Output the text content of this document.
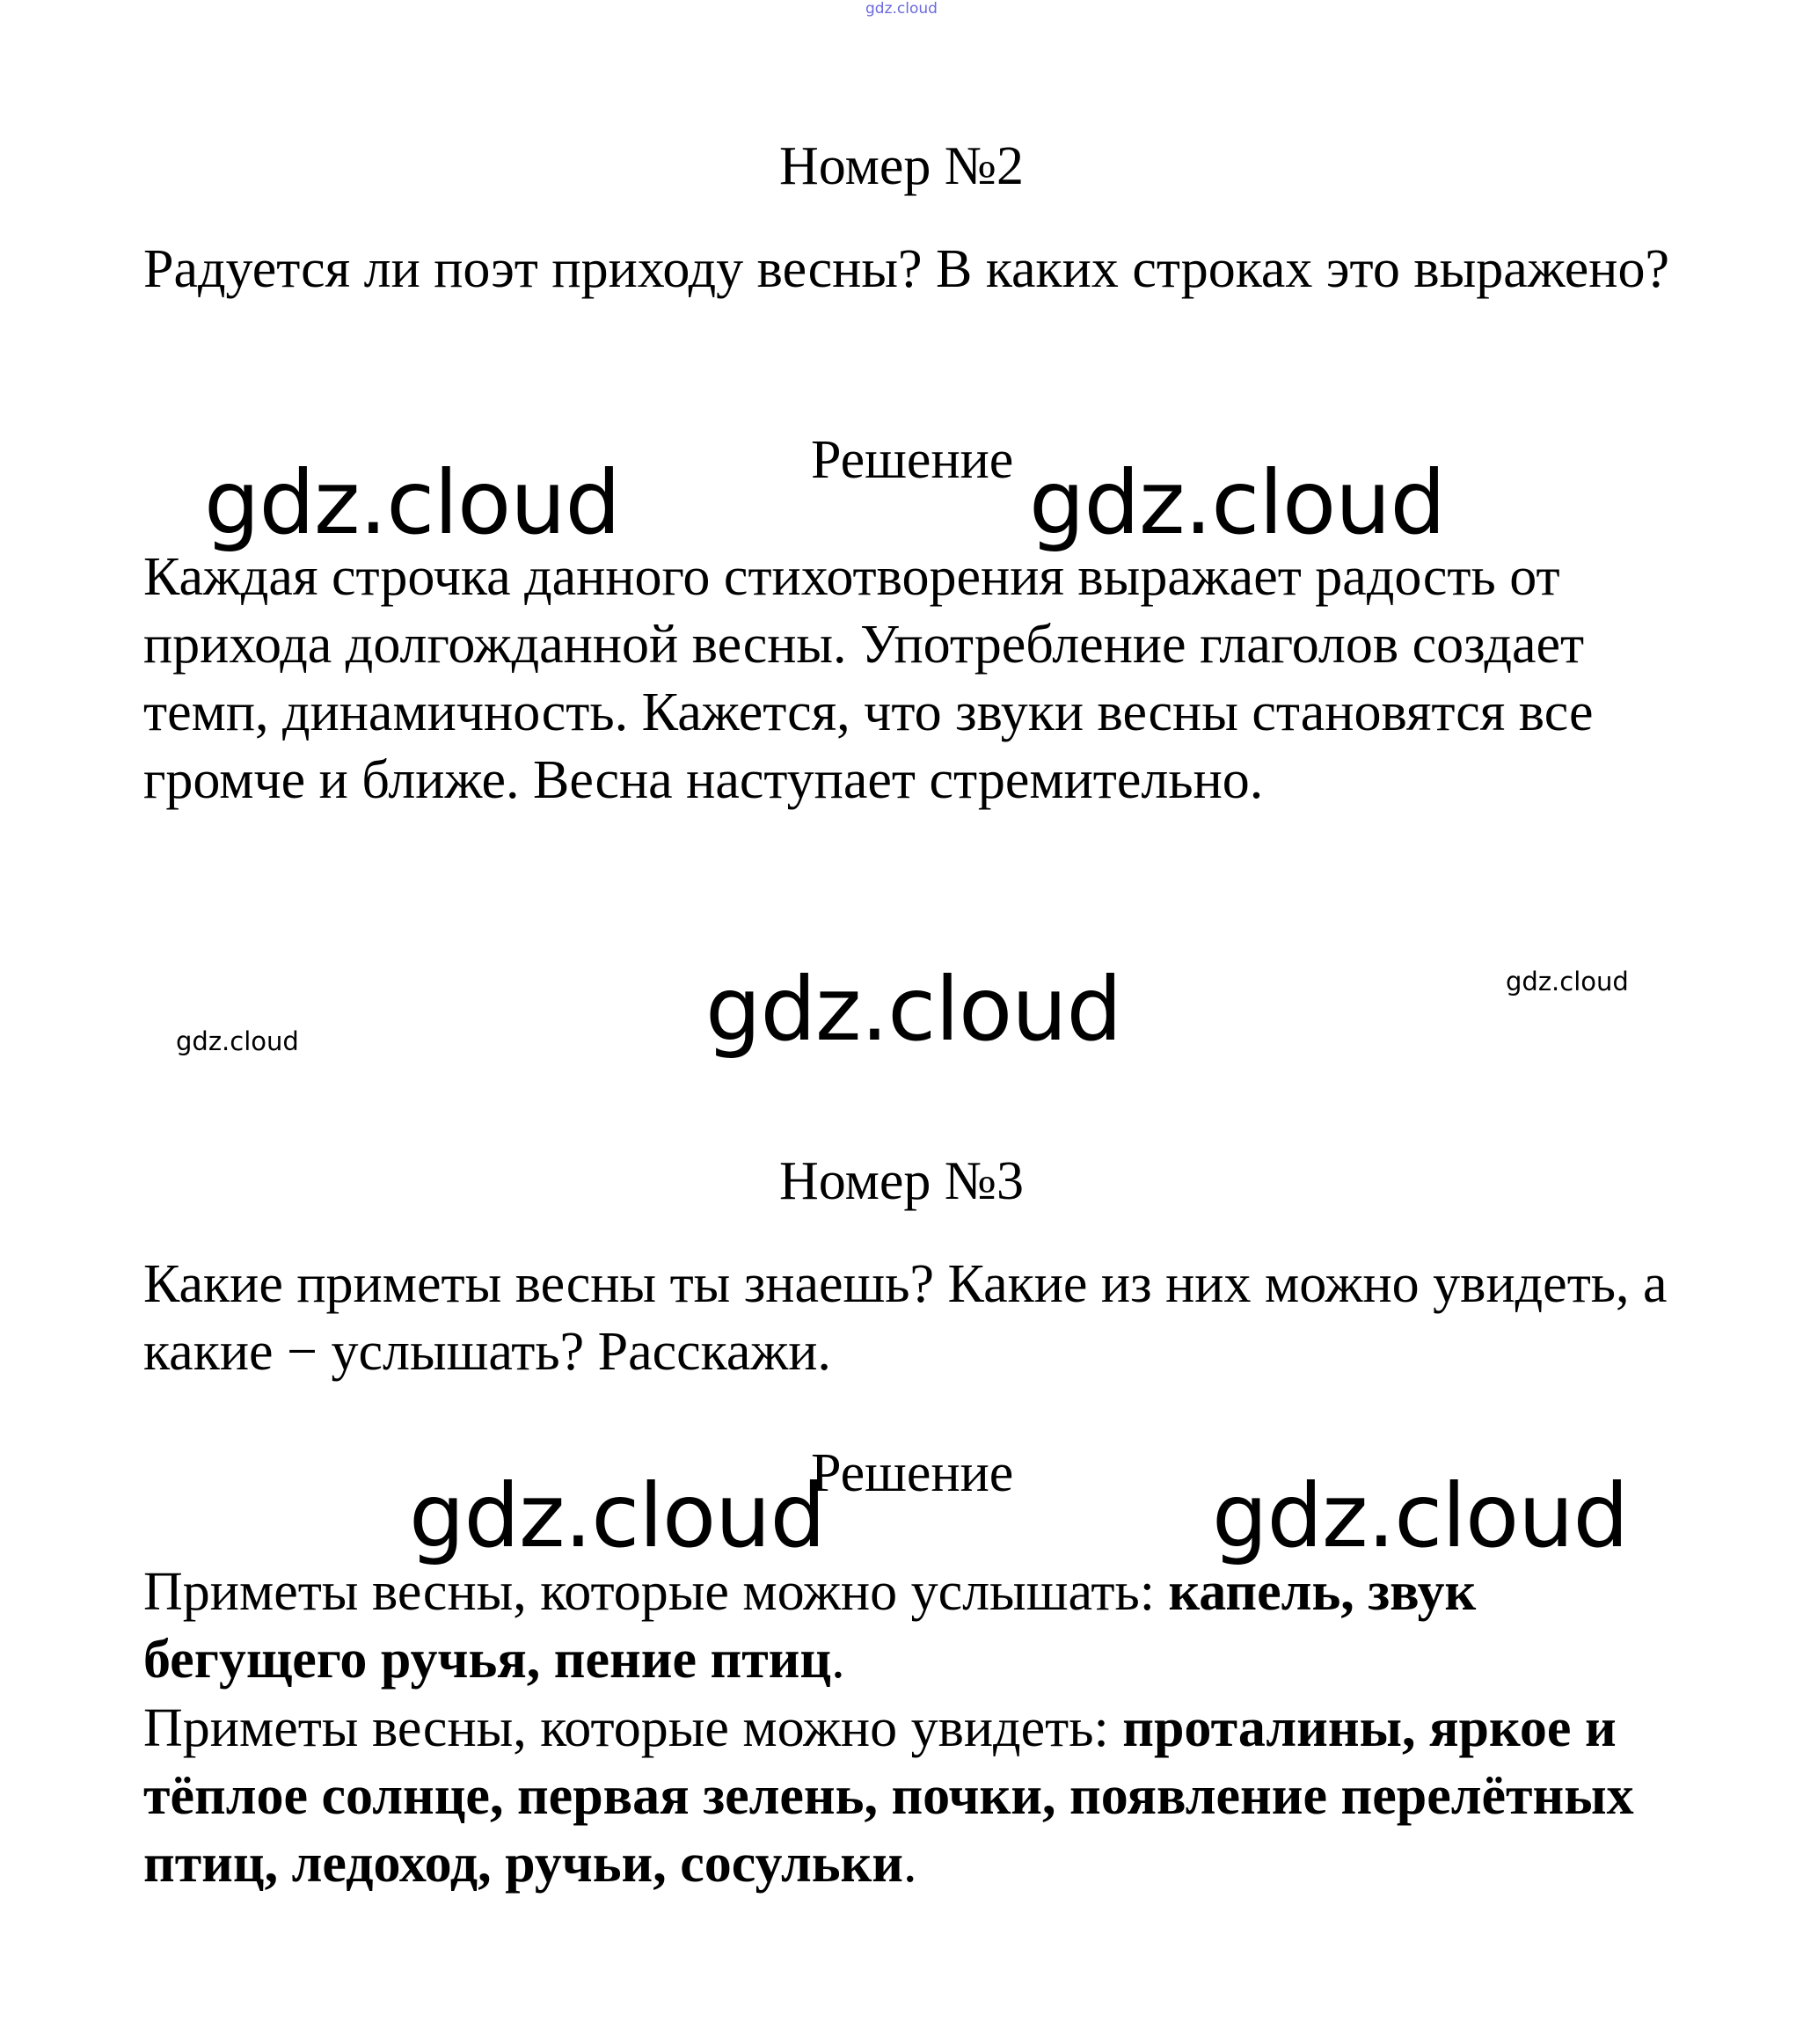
gdz.cloud
Номер №2

Радуется ли поэт приходу весны? В каких строках это выражено?

Решение
gdz.cloud	gdz.cloud

Каждая строчка данного стихотворения выражает радость от прихода долгожданной весны. Употребление глаголов создает темп, динамичность. Кажется, что звуки весны становятся все громче и ближе. Весна наступает стремительно.

gdz.cloud	gdz.cloud
gdz.cloud
Номер №3

Какие приметы весны ты знаешь? Какие из них можно увидеть, а какие − услышать? Расскажи.

Решение
gdz.cloud	gdz.cloud

Приметы весны, которые можно услышать: капель, звук бегущего ручья, пение птиц.

Приметы весны, которые можно увидеть: проталины, яркое и тёплое солнце, первая зелень, почки, появление перелётных птиц, ледоход, ручьи, сосульки.
